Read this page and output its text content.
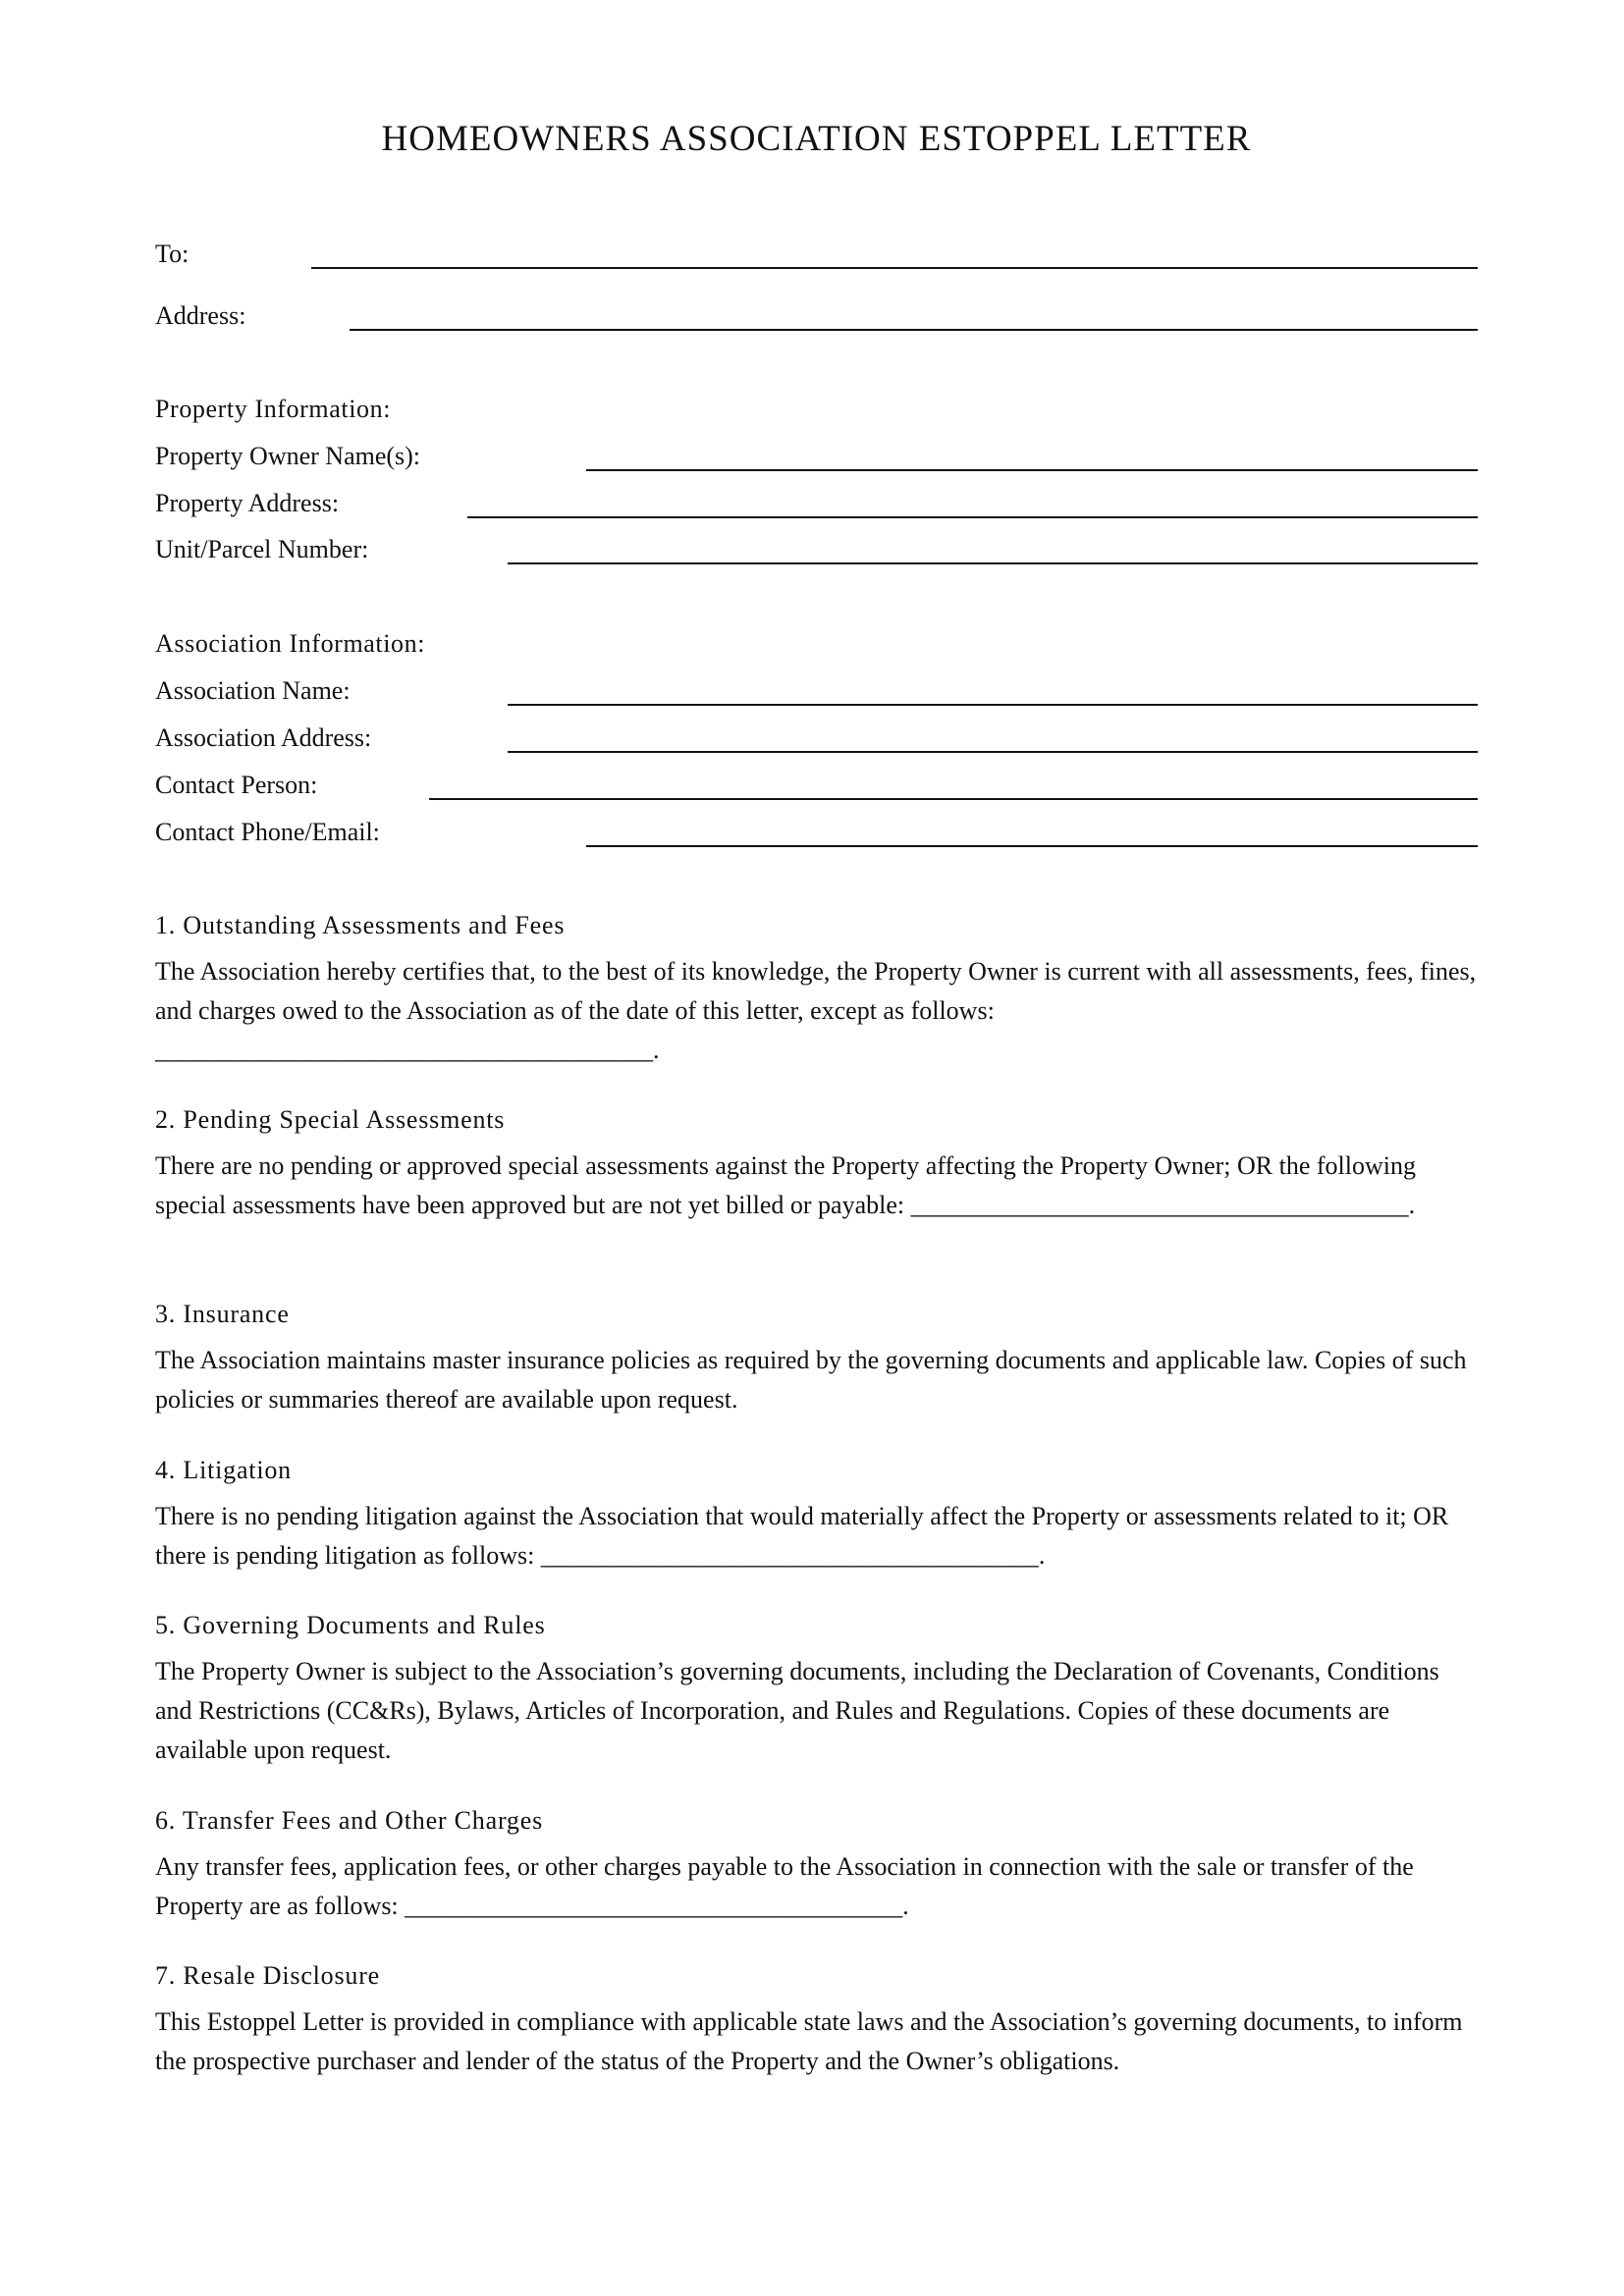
HOMEOWNERS ASSOCIATION ESTOPPEL LETTER
To:
Address:
Property Information:
Property Owner Name(s):
Property Address:
Unit/Parcel Number:
Association Information:
Association Name:
Association Address:
Contact Person:
Contact Phone/Email:
1. Outstanding Assessments and Fees

The Association hereby certifies that, to the best of its knowledge, the Property Owner is current with all assessments, fees, fines, and charges owed to the Association as of the date of this letter, except as follows: _______________________________________.

2. Pending Special Assessments

There are no pending or approved special assessments against the Property affecting the Property Owner; OR the following special assessments have been approved but are not yet billed or payable: _______________________________________.

3. Insurance

The Association maintains master insurance policies as required by the governing documents and applicable law. Copies of such policies or summaries thereof are available upon request.

4. Litigation

There is no pending litigation against the Association that would materially affect the Property or assessments related to it; OR there is pending litigation as follows: _______________________________________.

5. Governing Documents and Rules

The Property Owner is subject to the Association’s governing documents, including the Declaration of Covenants, Conditions and Restrictions (CC&Rs), Bylaws, Articles of Incorporation, and Rules and Regulations. Copies of these documents are available upon request.

6. Transfer Fees and Other Charges

Any transfer fees, application fees, or other charges payable to the Association in connection with the sale or transfer of the Property are as follows: _______________________________________.

7. Resale Disclosure

This Estoppel Letter is provided in compliance with applicable state laws and the Association’s governing documents, to inform the prospective purchaser and lender of the status of the Property and the Owner’s obligations.
